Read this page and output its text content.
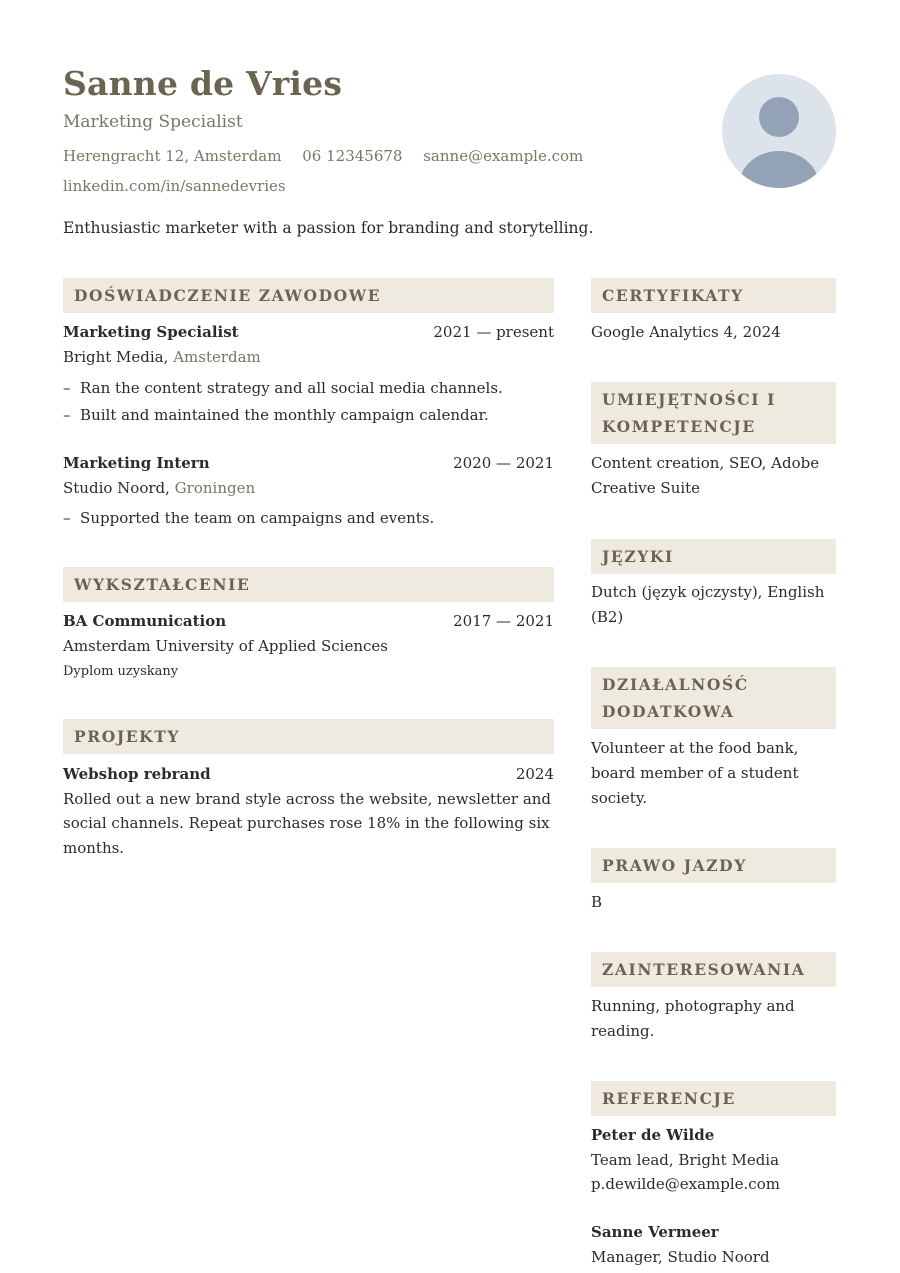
Sanne de Vries
Marketing Specialist
Herengracht 12, Amsterdam 06 12345678 sanne@example.com
linkedin.com/in/sannedevries
Enthusiastic marketer with a passion for branding and storytelling.
DOŚWIADCZENIE ZAWODOWE
Marketing Specialist	2021 — present
Bright Media, Amsterdam
–  Ran the content strategy and all social media channels.
–  Built and maintained the monthly campaign calendar.
Marketing Intern	2020 — 2021
Studio Noord, Groningen
–  Supported the team on campaigns and events.
WYKSZTAŁCENIE
BA Communication	2017 — 2021
Amsterdam University of Applied Sciences
Dyplom uzyskany
PROJEKTY
Webshop rebrand	2024
Rolled out a new brand style across the website, newsletter and
social channels. Repeat purchases rose 18% in the following six
months.
CERTYFIKATY
Google Analytics 4, 2024
UMIEJĘTNOŚCI I
KOMPETENCJE
Content creation, SEO, Adobe
Creative Suite
JĘZYKI
Dutch (język ojczysty), English
(B2)
DZIAŁALNOŚĆ
DODATKOWA
Volunteer at the food bank,
board member of a student
society.
PRAWO JAZDY
B
ZAINTERESOWANIA
Running, photography and
reading.
REFERENCJE
Peter de Wilde
Team lead, Bright Media
p.dewilde@example.com
Sanne Vermeer
Manager, Studio Noord
